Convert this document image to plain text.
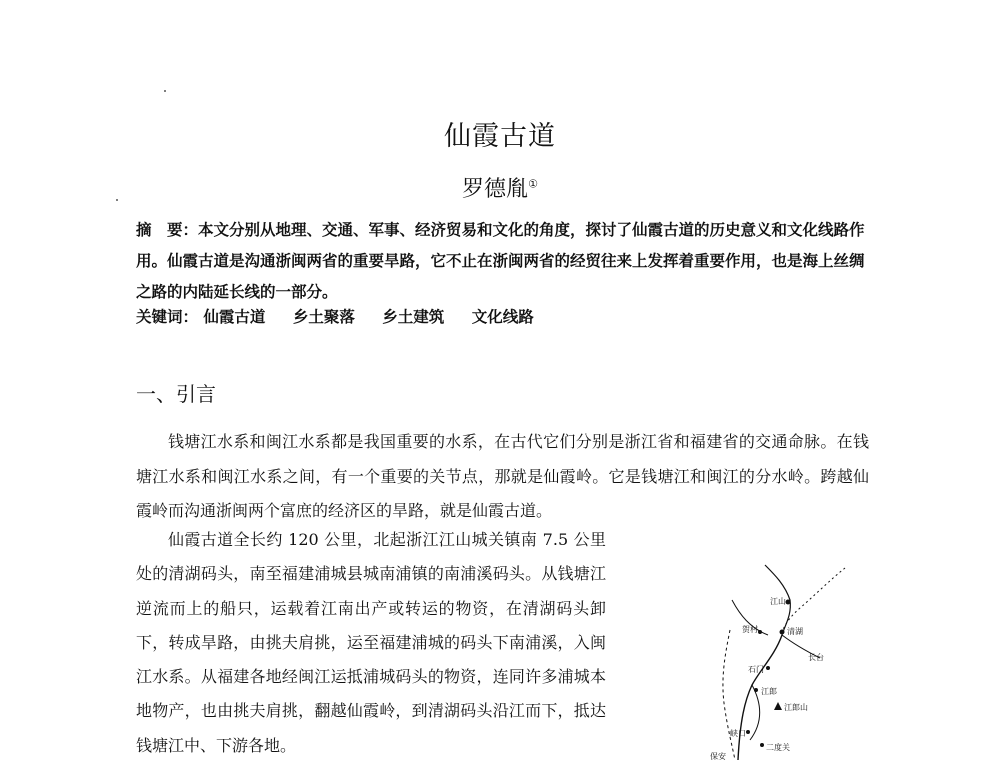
仙霞古道
罗德胤①

摘　要：本文分别从地理、交通、军事、经济贸易和文化的角度，探讨了仙霞古道的历史意义和文化线路作用。仙霞古道是沟通浙闽两省的重要旱路，它不止在浙闽两省的经贸往来上发挥着重要作用，也是海上丝绸之路的内陆延长线的一部分。

关键词： 仙霞古道 乡土聚落 乡土建筑 文化线路
一、引言

钱塘江水系和闽江水系都是我国重要的水系，在古代它们分别是浙江省和福建省的交通命脉。在钱塘江水系和闽江水系之间，有一个重要的关节点，那就是仙霞岭。它是钱塘江和闽江的分水岭。跨越仙霞岭而沟通浙闽两个富庶的经济区的旱路，就是仙霞古道。

仙霞古道全长约 120 公里，北起浙江江山城关镇南 7.5 公里处的清湖码头，南至福建浦城县城南浦镇的南浦溪码头。从钱塘江逆流而上的船只，运载着江南出产或转运的物资，在清湖码头卸下，转成旱路，由挑夫肩挑，运至福建浦城的码头下南浦溪，入闽江水系。从福建各地经闽江运抵浦城码头的物资，连同许多浦城本地物产，也由挑夫肩挑，翻越仙霞岭，到清湖码头沿江而下，抵达钱塘江中、下游各地。

江山
贺村	清湖
长台
石门
江郎
江郎山
峡口
二度关
保安
